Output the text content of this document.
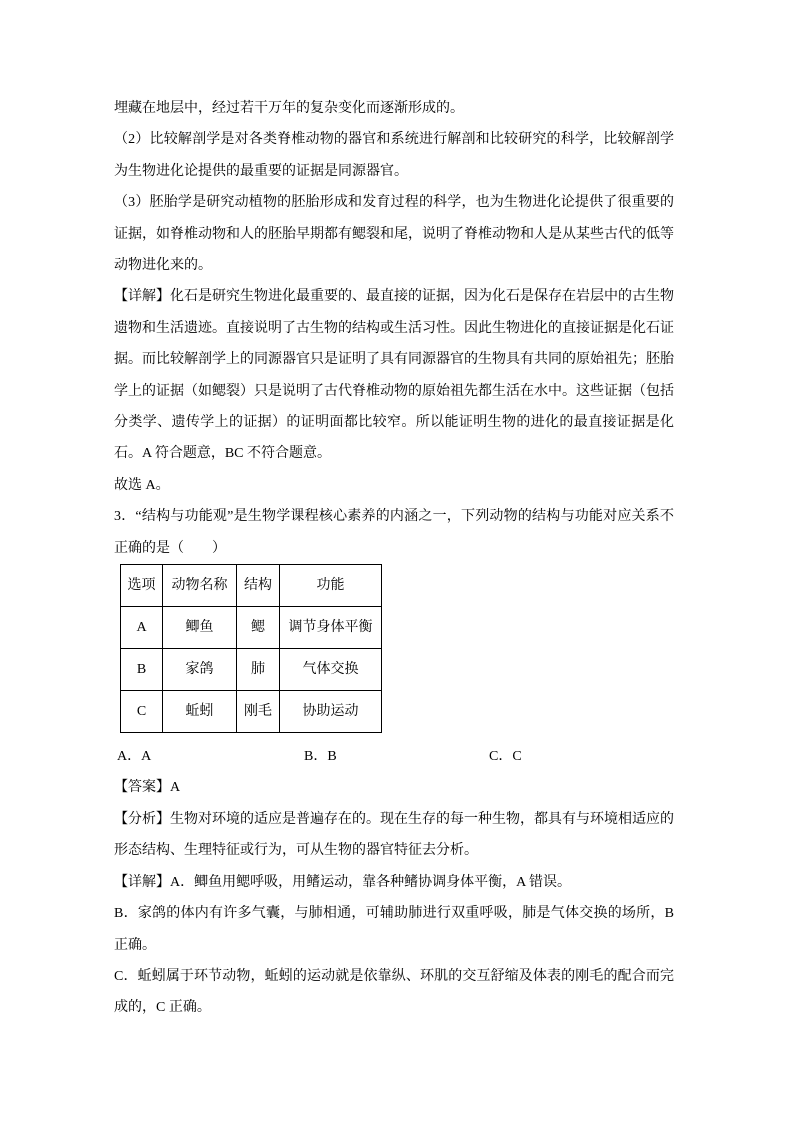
埋藏在地层中，经过若干万年的复杂变化而逐渐形成的。

（2）比较解剖学是对各类脊椎动物的器官和系统进行解剖和比较研究的科学，比较解剖学为生物进化论提供的最重要的证据是同源器官。

（3）胚胎学是研究动植物的胚胎形成和发育过程的科学，也为生物进化论提供了很重要的证据，如脊椎动物和人的胚胎早期都有鳃裂和尾，说明了脊椎动物和人是从某些古代的低等动物进化来的。

【详解】化石是研究生物进化最重要的、最直接的证据，因为化石是保存在岩层中的古生物遗物和生活遗迹。直接说明了古生物的结构或生活习性。因此生物进化的直接证据是化石证据。而比较解剖学上的同源器官只是证明了具有同源器官的生物具有共同的原始祖先；胚胎学上的证据（如鳃裂）只是说明了古代脊椎动物的原始祖先都生活在水中。这些证据（包括分类学、遗传学上的证据）的证明面都比较窄。所以能证明生物的进化的最直接证据是化石。A 符合题意，BC 不符合题意。

故选 A。

3．“结构与功能观”是生物学课程核心素养的内涵之一，下列动物的结构与功能对应关系不正确的是（　　）

选项	动物名称	结构	功能
A	鲫鱼	鳃	调节身体平衡
B	家鸽	肺	气体交换
C	蚯蚓	刚毛	协助运动
A．A	B．B	C．C

【答案】A

【分析】生物对环境的适应是普遍存在的。现在生存的每一种生物，都具有与环境相适应的形态结构、生理特征或行为，可从生物的器官特征去分析。

【详解】A．鲫鱼用鳃呼吸，用鳍运动，靠各种鳍协调身体平衡，A 错误。

B．家鸽的体内有许多气囊，与肺相通，可辅助肺进行双重呼吸，肺是气体交换的场所，B 正确。

C．蚯蚓属于环节动物，蚯蚓的运动就是依靠纵、环肌的交互舒缩及体表的刚毛的配合而完成的，C 正确。
